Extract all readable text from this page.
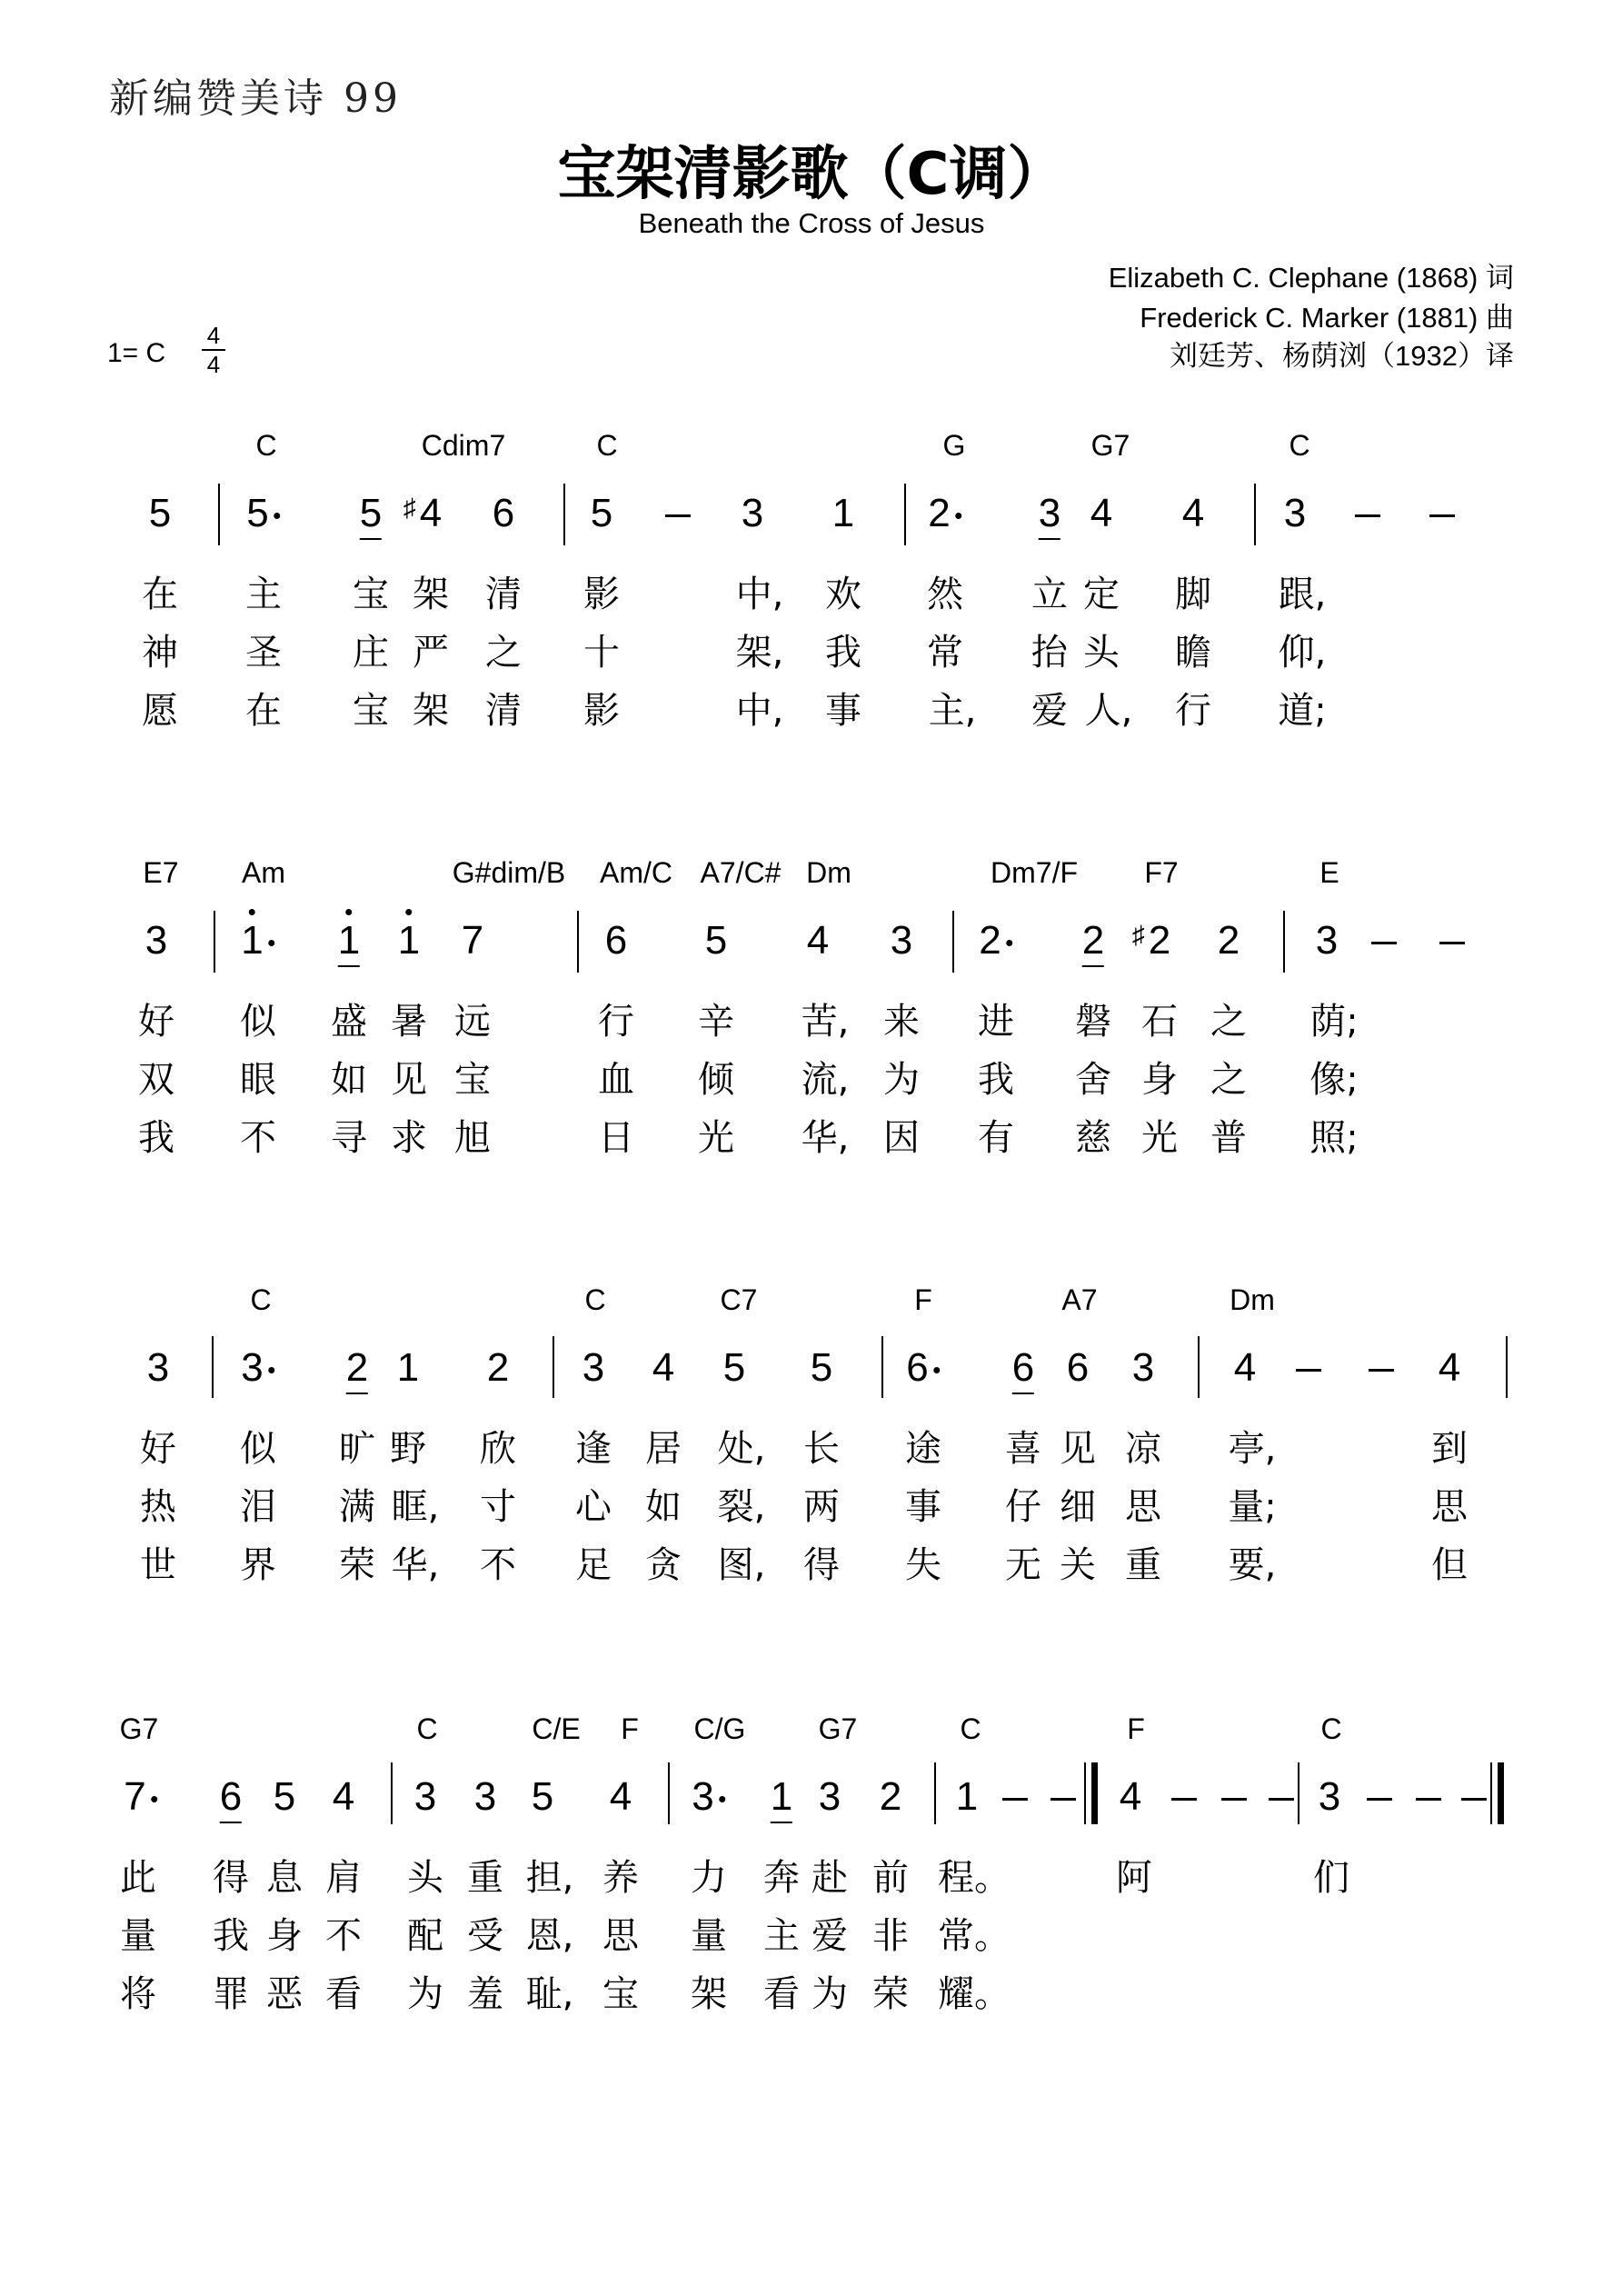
新编赞美诗 99
宝架清影歌（C调）
Beneath the Cross of Jesus
Elizabeth C. Clephane (1868) 词
Frederick C. Marker (1881) 曲
刘廷芳、杨荫浏（1932）译
1= C
4
4
C	Cdim7	C	G	G7	C
5 5 5 4
♯ 6 5	3 1 2 3 4 4 3
在 主 宝 架 清 影	中, 欢 然 立 定 脚 跟,
神 圣 庄 严 之 十	架, 我 常 抬 头 瞻 仰,
愿 在 宝 架 清 影	中, 事 主, 爱 人, 行 道;
E7 Am	G#dim/B Am/C A7/C# Dm	Dm7/F F7	E
3 1 1 1 7	6 5 4 3 2 2 2
♯ 2 3
好 似 盛 暑 远	行 辛 苦, 来 进 磐 石 之 荫;
双 眼 如 见 宝	血 倾 流, 为 我 舍 身 之 像;
我 不 寻 求 旭	日 光 华, 因 有 慈 光 普 照;
C	C	C7	F	A7	Dm
3 3 2 1 2 3 4 5 5 6 6 6 3 4	4
好 似 旷 野 欣 逢 居 处, 长 途 喜 见 凉 亭,	到
热 泪 满 眶, 寸 心 如 裂, 两 事 仔 细 思 量;	思
世 界 荣 华, 不 足 贪 图, 得 失 无 关 重 要,	但
G7	C	C/E F C/G	G7	C	F	C
7 6 5 4 3 3 5 4 3 1 3 2 1	4	3
此 得 息 肩 头 重 担, 养 力 奔 赴 前 程。	阿	们
量 我 身 不 配 受 恩, 思 量 主 爱 非 常。
将 罪 恶 看 为 羞 耻, 宝 架 看 为 荣 耀。
